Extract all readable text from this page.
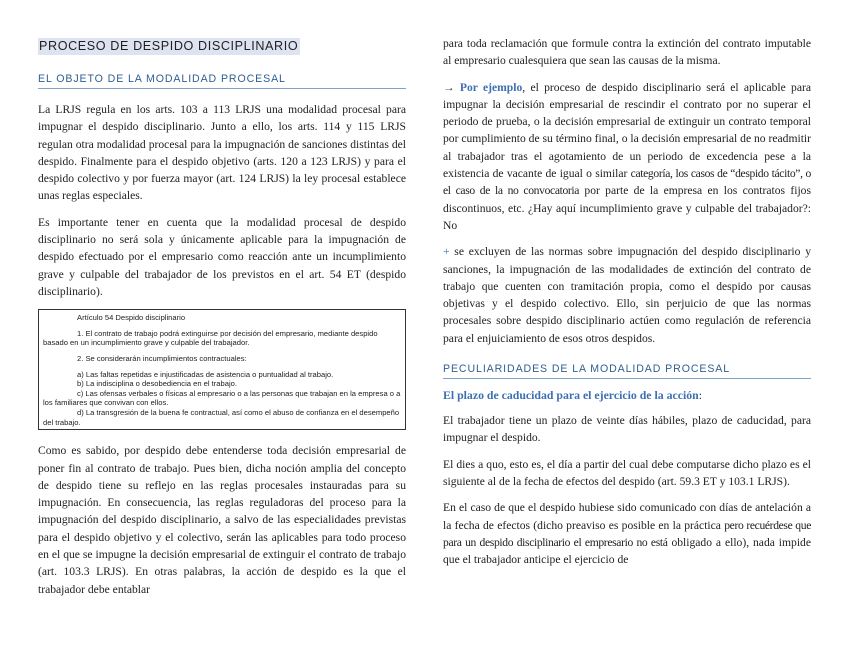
PROCESO DE DESPIDO DISCIPLINARIO
EL OBJETO DE LA MODALIDAD PROCESAL

La LRJS regula en los arts. 103 a 113 LRJS una modalidad procesal para impugnar el despido disciplinario. Junto a ello, los arts. 114 y 115 LRJS regulan otra modalidad procesal para la impugnación de sanciones distintas del despido. Finalmente para el despido objetivo (arts. 120 a 123 LRJS) y para el despido colectivo y por fuerza mayor (art. 124 LRJS) la ley procesal establece unas reglas especiales.

Es importante tener en cuenta que la modalidad procesal de despido disciplinario no será sola y únicamente aplicable para la impugnación de despido efectuado por el empresario como reacción ante un incumplimiento grave y culpable del trabajador de los previstos en el art. 54 ET (despido disciplinario).

Artículo 54 Despido disciplinario

1. El contrato de trabajo podrá extinguirse por decisión del empresario, mediante despido basado en un incumplimiento grave y culpable del trabajador.

2. Se considerarán incumplimientos contractuales:

a) Las faltas repetidas e injustificadas de asistencia o puntualidad al trabajo.

b) La indisciplina o desobediencia en el trabajo.

c) Las ofensas verbales o físicas al empresario o a las personas que trabajan en la empresa o a los familiares que convivan con ellos.

d) La transgresión de la buena fe contractual, así como el abuso de confianza en el desempeño del trabajo.

Como es sabido, por despido debe entenderse toda decisión empresarial de poner fin al contrato de trabajo. Pues bien, dicha noción amplia del concepto de despido tiene su reflejo en las reglas procesales instauradas para su impugnación. En consecuencia, las reglas reguladoras del proceso para la impugnación del despido disciplinario, a salvo de las especialidades previstas para el despido objetivo y el colectivo, serán las aplicables para todo proceso en el que se impugne la decisión empresarial de extinguir el contrato de trabajo (art. 103.3 LRJS). En otras palabras, la acción de despido es la que el trabajador debe entablar

para toda reclamación que formule contra la extinción del contrato imputable al empresario cualesquiera que sean las causas de la misma.

→ Por ejemplo, el proceso de despido disciplinario será el aplicable para impugnar la decisión empresarial de rescindir el contrato por no superar el periodo de prueba, o la decisión empresarial de extinguir un contrato temporal por cumplimiento de su término final, o la decisión empresarial de no readmitir al trabajador tras el agotamiento de un periodo de excedencia pese a la existencia de vacante de igual o similar categoría, los casos de “despido tácito”, o el caso de la no convocatoria por parte de la empresa en los contratos fijos discontinuos, etc. ¿Hay aquí incumplimiento grave y culpable del trabajador?: No

+ se excluyen de las normas sobre impugnación del despido disciplinario y sanciones, la impugnación de las modalidades de extinción del contrato de trabajo que cuenten con tramitación propia, como el despido por causas objetivas y el despido colectivo. Ello, sin perjuicio de que las normas procesales sobre despido disciplinario actúen como regulación de referencia para el enjuiciamiento de esos otros despidos.

PECULIARIDADES DE LA MODALIDAD PROCESAL

El plazo de caducidad para el ejercicio de la acción:

El trabajador tiene un plazo de veinte días hábiles, plazo de caducidad, para impugnar el despido.

El dies a quo, esto es, el día a partir del cual debe computarse dicho plazo es el siguiente al de la fecha de efectos del despido (art. 59.3 ET y 103.1 LRJS).

En el caso de que el despido hubiese sido comunicado con días de antelación a la fecha de efectos (dicho preaviso es posible en la práctica pero recuérdese que para un despido disciplinario el empresario no está obligado a ello), nada impide que el trabajador anticipe el ejercicio de
